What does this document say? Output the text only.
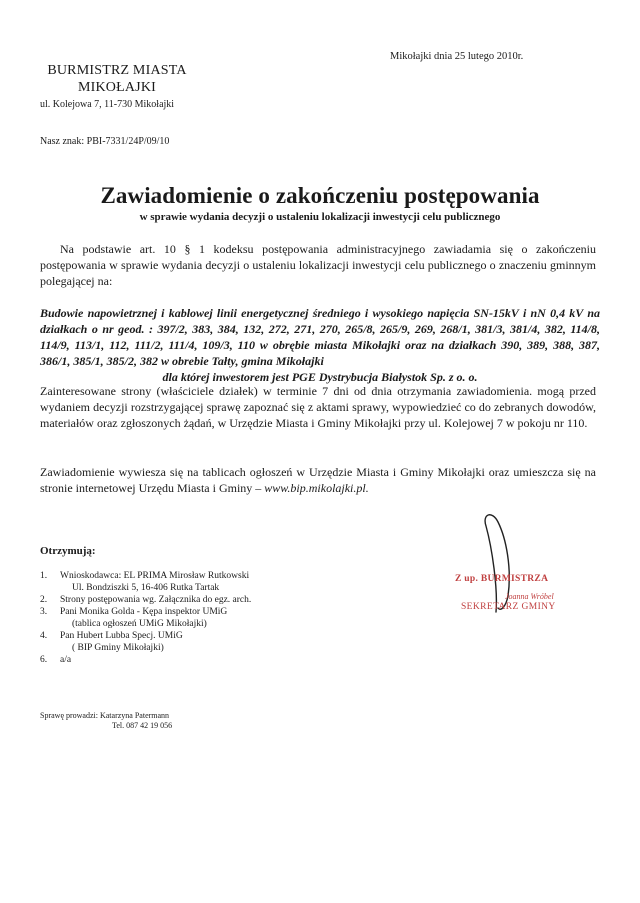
Mikołajki dnia 25 lutego 2010r.
BURMISTRZ MIASTA
MIKOŁAJKI
ul. Kolejowa 7, 11-730 Mikołajki
Nasz znak: PBI-7331/24P/09/10
Zawiadomienie o zakończeniu postępowania
w sprawie wydania decyzji o ustaleniu lokalizacji inwestycji celu publicznego

Na podstawie art. 10 § 1 kodeksu postępowania administracyjnego zawiadamia się o zakończeniu postępowania w sprawie wydania decyzji o ustaleniu lokalizacji inwestycji celu publicznego o znaczeniu gminnym polegającej na:

Budowie napowietrznej i kablowej linii energetycznej średniego i wysokiego napięcia SN-15kV i nN 0,4 kV na działkach o nr geod. : 397/2, 383, 384, 132, 272, 271, 270, 265/8, 265/9, 269, 268/1, 381/3, 381/4, 382, 114/8, 114/9, 113/1, 112, 111/2, 111/4, 109/3, 110 w obrębie miasta Mikołajki oraz na działkach 390, 389, 388, 387, 386/1, 385/1, 385/2, 382 w obrebie Tałty, gmina Mikołajki
dla której inwestorem jest PGE Dystrybucja Białystok Sp. z o. o.

Zainteresowane strony (właściciele działek) w terminie 7 dni od dnia otrzymania zawiadomienia. mogą przed wydaniem decyzji rozstrzygającej sprawę zapoznać się z aktami sprawy, wypowiedzieć co do zebranych dowodów, materiałów oraz zgłoszonych żądań, w Urzędzie Miasta i Gminy Mikołajki przy ul. Kolejowej 7 w pokoju nr 110.

Zawiadomienie wywiesza się na tablicach ogłoszeń w Urzędzie Miasta i Gminy Mikołajki oraz umieszcza się na stronie internetowej Urzędu Miasta i Gminy – www.bip.mikolajki.pl.

Otrzymują:
1.	Wnioskodawca: EL PRIMA Mirosław Rutkowski
Ul. Bondziszki 5, 16-406 Rutka Tartak
2.	Strony postępowania wg. Załącznika do egz. arch.
3.	Pani Monika Golda - Kępa inspektor UMiG
(tablica ogłoszeń UMiG Mikołajki)
4.	Pan Hubert Lubba Specj. UMiG
( BIP Gminy Mikołajki)
6.	a/a
Sprawę prowadzi: Katarzyna Patermann
Tel. 087 42 19 056
Z up. BURMISTRZA
Joanna Wróbel
SEKRETARZ GMINY
